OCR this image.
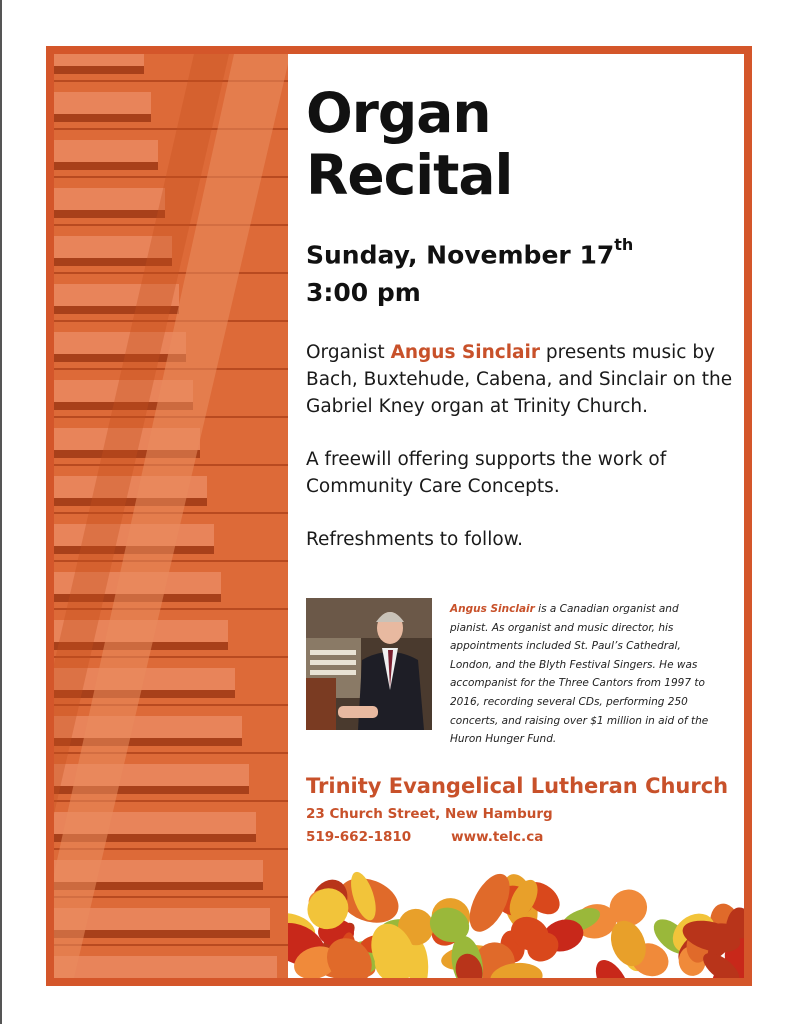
Organ
Recital
Sunday, November 17th
3:00 pm

Organist Angus Sinclair presents music by Bach, Buxtehude, Cabena, and Sinclair on the Gabriel Kney organ at Trinity Church.

A freewill offering supports the work of Community Care Concepts.

Refreshments to follow.

Angus Sinclair is a Canadian organist and pianist. As organist and music director, his appointments included St. Paul’s Cathedral, London, and the Blyth Festival Singers. He was accompanist for the Three Cantors from 1997 to 2016, recording several CDs, performing 250 concerts, and raising over $1 million in aid of the Huron Hunger Fund.

Trinity Evangelical Lutheran Church
23 Church Street, New Hamburg
519-662-1810	www.telc.ca
